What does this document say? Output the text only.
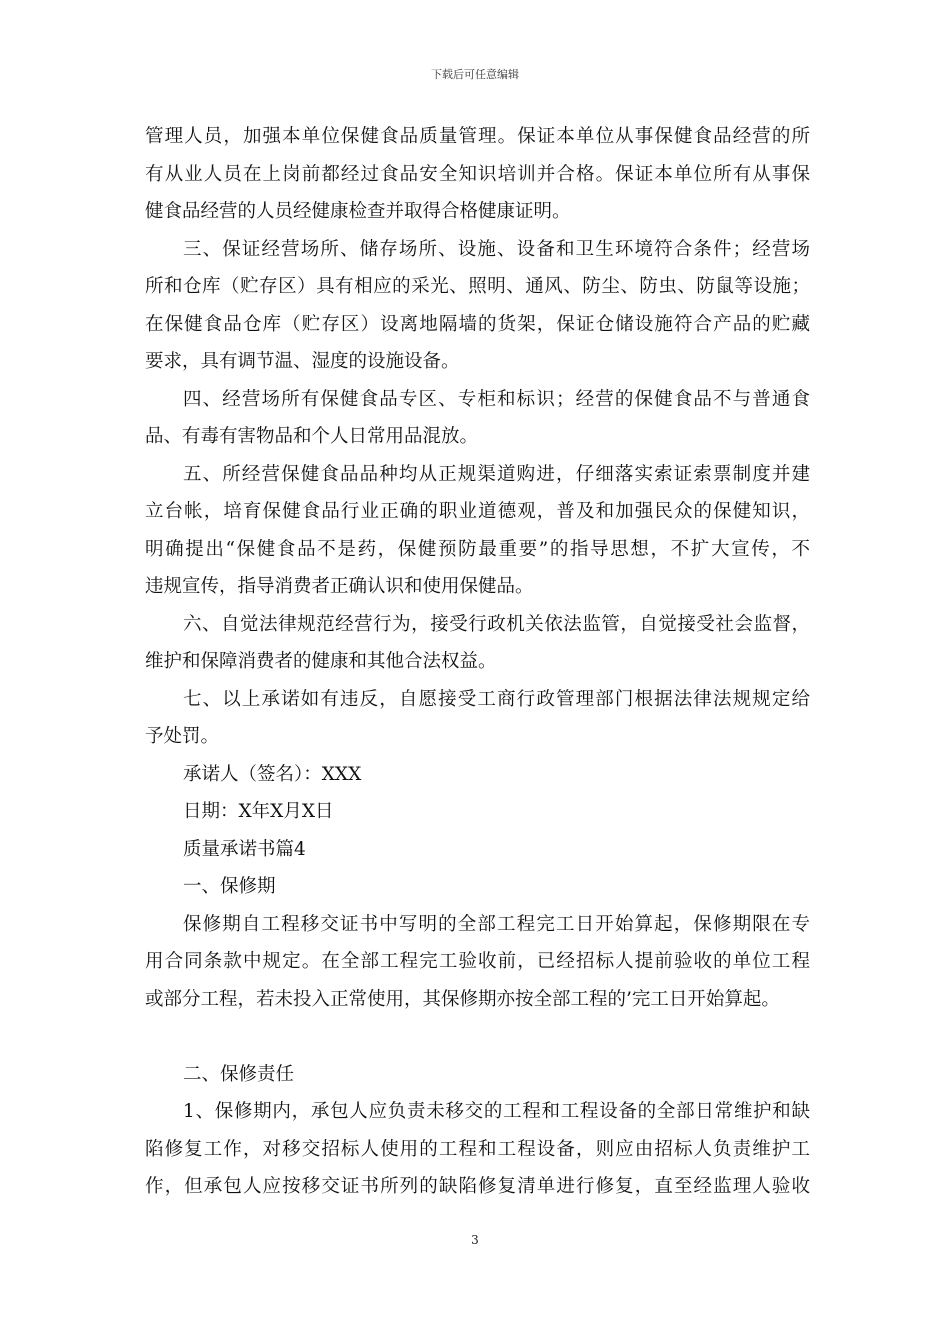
下载后可任意编辑
管理人员，加强本单位保健食品质量管理。保证本单位从事保健食品经营的所
有从业人员在上岗前都经过食品安全知识培训并合格。保证本单位所有从事保
健食品经营的人员经健康检查并取得合格健康证明。
三、保证经营场所、储存场所、设施、设备和卫生环境符合条件；经营场
所和仓库（贮存区）具有相应的采光、照明、通风、防尘、防虫、防鼠等设施；
在保健食品仓库（贮存区）设离地隔墙的货架，保证仓储设施符合产品的贮藏
要求，具有调节温、湿度的设施设备。
四、经营场所有保健食品专区、专柜和标识；经营的保健食品不与普通食
品、有毒有害物品和个人日常用品混放。
五、所经营保健食品品种均从正规渠道购进，仔细落实索证索票制度并建
立台帐，培育保健食品行业正确的职业道德观，普及和加强民众的保健知识，
明确提出“保健食品不是药，保健预防最重要”的指导思想，不扩大宣传，不
违规宣传，指导消费者正确认识和使用保健品。
六、自觉法律规范经营行为，接受行政机关依法监管，自觉接受社会监督，
维护和保障消费者的健康和其他合法权益。
七、以上承诺如有违反，自愿接受工商行政管理部门根据法律法规规定给
予处罚。
承诺人（签名）：XXX
日期：X年X月X日
质量承诺书篇4
一、保修期
保修期自工程移交证书中写明的全部工程完工日开始算起，保修期限在专
用合同条款中规定。在全部工程完工验收前，已经招标人提前验收的单位工程
或部分工程，若未投入正常使用，其保修期亦按全部工程的’完工日开始算起。
二、保修责任
1、保修期内，承包人应负责未移交的工程和工程设备的全部日常维护和缺
陷修复工作，对移交招标人使用的工程和工程设备，则应由招标人负责维护工
作，但承包人应按移交证书所列的缺陷修复清单进行修复，直至经监理人验收
3
